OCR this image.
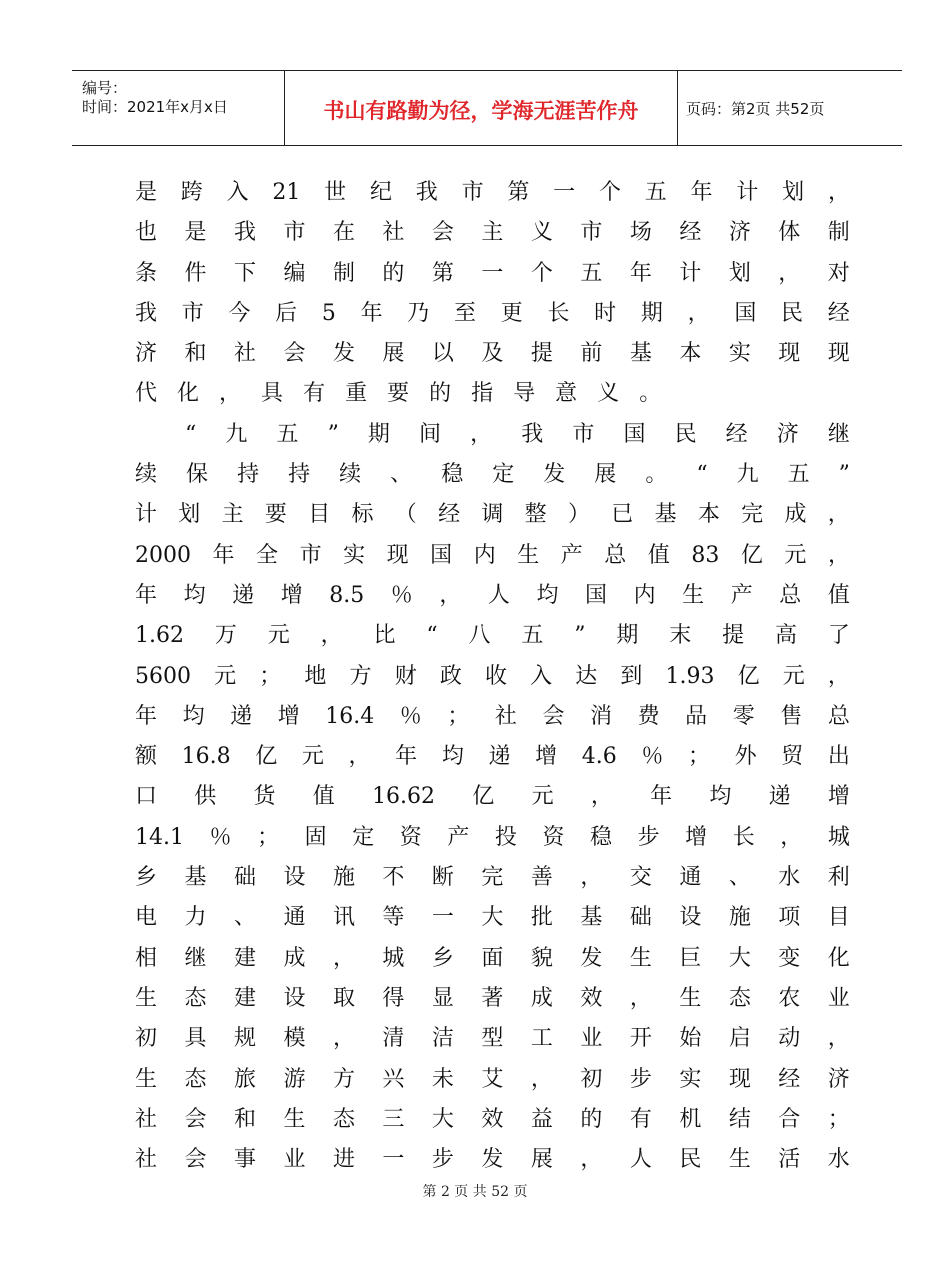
编号：
时间：2021年x月x日	书山有路勤为径，学海无涯苦作舟	页码：第2页 共52页
是 跨 入 21 世 纪 我 市 第 一 个 五 年 计 划 ，
也 是 我 市 在 社 会 主 义 市 场 经 济 体 制
条 件 下 编 制 的 第 一 个 五 年 计 划 ， 对
我 市 今 后 5 年 乃 至 更 长 时 期 ， 国 民 经
济 和 社 会 发 展 以 及 提 前 基 本 实 现 现
代 化 ， 具 有 重 要 的 指 导 意 义 。
“ 九 五 ” 期 间 ， 我 市 国 民 经 济 继
续 保 持 持 续 、 稳 定 发 展 。 “ 九 五 ”
计 划 主 要 目 标 （ 经 调 整 ） 已 基 本 完 成 ，
2000 年 全 市 实 现 国 内 生 产 总 值 83 亿 元 ，
年 均 递 增 8.5 ％ ， 人 均 国 内 生 产 总 值
1.62 万 元 ， 比 “ 八 五 ” 期 末 提 高 了
5600 元 ； 地 方 财 政 收 入 达 到 1.93 亿 元 ，
年 均 递 增 16.4 ％ ； 社 会 消 费 品 零 售 总
额 16.8 亿 元 ， 年 均 递 增 4.6 ％ ； 外 贸 出
口 供 货 值 16.62 亿 元 ， 年 均 递 增
14.1 ％ ； 固 定 资 产 投 资 稳 步 增 长 ， 城
乡 基 础 设 施 不 断 完 善 ， 交 通 、 水 利
电 力 、 通 讯 等 一 大 批 基 础 设 施 项 目
相 继 建 成 ， 城 乡 面 貌 发 生 巨 大 变 化
生 态 建 设 取 得 显 著 成 效 ， 生 态 农 业
初 具 规 模 ， 清 洁 型 工 业 开 始 启 动 ，
生 态 旅 游 方 兴 未 艾 ， 初 步 实 现 经 济
社 会 和 生 态 三 大 效 益 的 有 机 结 合 ；
社 会 事 业 进 一 步 发 展 ， 人 民 生 活 水
第 2 页 共 52 页
